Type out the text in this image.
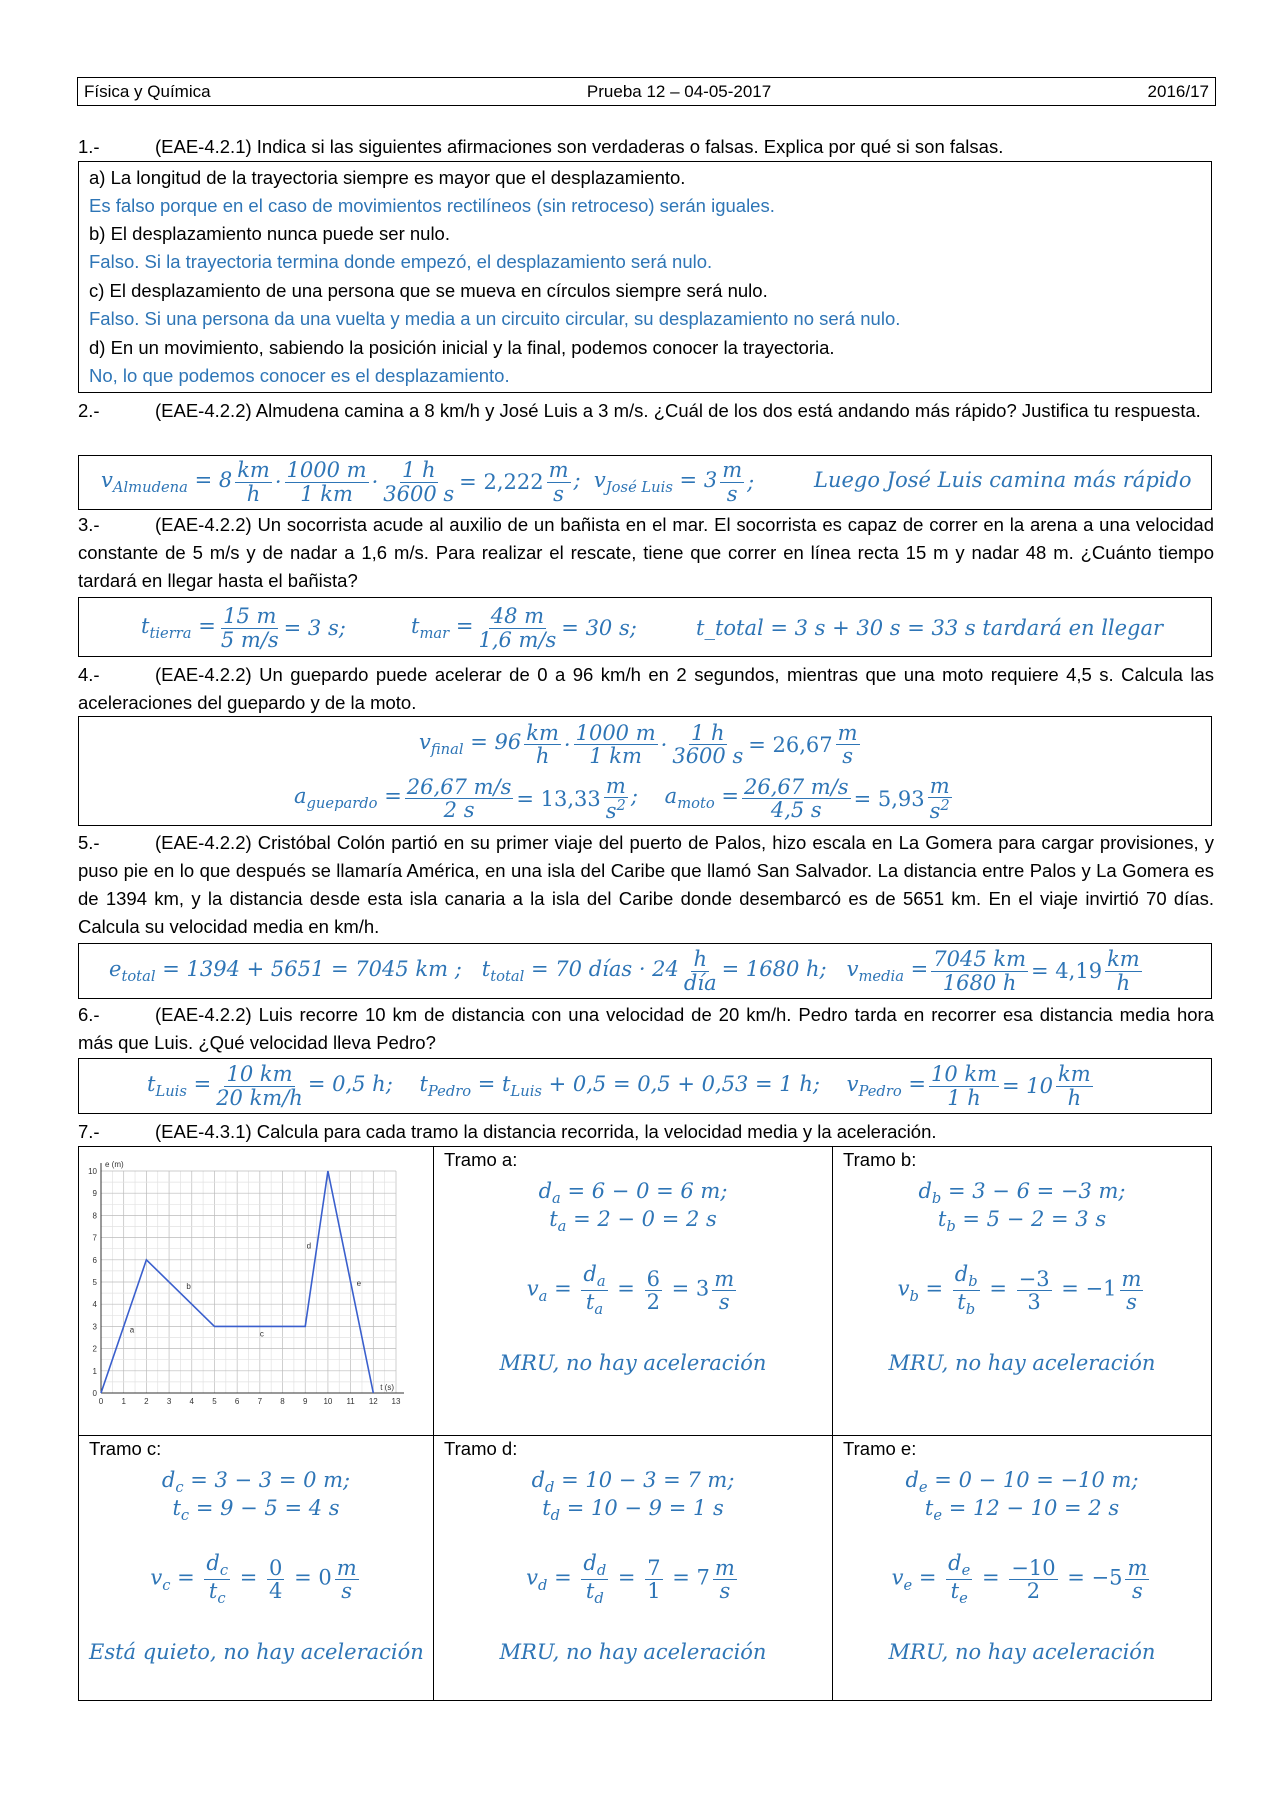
Física y Química	Prueba 12 – 04-05-2017	2016/17
1.-	(EAE-4.2.1) Indica si las siguientes afirmaciones son verdaderas o falsas. Explica por qué si son falsas.
a) La longitud de la trayectoria siempre es mayor que el desplazamiento.
Es falso porque en el caso de movimientos rectilíneos (sin retroceso) serán iguales.
b) El desplazamiento nunca puede ser nulo.
Falso. Si la trayectoria termina donde empezó, el desplazamiento será nulo.
c) El desplazamiento de una persona que se mueva en círculos siempre será nulo.
Falso. Si una persona da una vuelta y media a un circuito circular, su desplazamiento no será nulo.
d) En un movimiento, sabiendo la posición inicial y la final, podemos conocer la trayectoria.
No, lo que podemos conocer es el desplazamiento.
2.-	(EAE-4.2.2) Almudena camina a 8 km/h y José Luis a 3 m/s. ¿Cuál de los dos está andando más rápido? Justifica tu respuesta.
$v_{Almudena} = 8 \frac{km}{h} \cdot \frac{1000 m}{1 km} \cdot \frac{1 h}{3600 s} = 2,222 \frac{m}{s}$ ;  $v_{José Luis} = 3 \frac{m}{s}$ ;	Luego José Luis camina más rápido
3.-	(EAE-4.2.2) Un socorrista acude al auxilio de un bañista en el mar. El socorrista es capaz de correr en la arena a una velocidad constante de 5 m/s y de nadar a 1,6 m/s. Para realizar el rescate, tiene que correr en línea recta 15 m y nadar 48 m. ¿Cuánto tiempo tardará en llegar hasta el bañista?
$t_{tierra} = \frac{15 m}{5 m/s} = 3$ s;	$t_{mar} = \frac{48 m}{1,6 m/s} = 30$ s;	t_total = 3 s + 30 s = 33 s tardará en llegar
4.-	(EAE-4.2.2) Un guepardo puede acelerar de 0 a 96 km/h en 2 segundos, mientras que una moto requiere 4,5 s. Calcula las aceleraciones del guepardo y de la moto.
$v_{final} = 96 \frac{km}{h} \cdot \frac{1000 m}{1 km} \cdot \frac{1 h}{3600 s} = 26,67 \frac{m}{s}$
$a_{guepardo} = \frac{26,67 m/s}{2 s} = 13,33 \frac{m}{s^2}$ ;    $a_{moto} = \frac{26,67 m/s}{4,5 s} = 5,93 \frac{m}{s^2}$
5.-	(EAE-4.2.2) Cristóbal Colón partió en su primer viaje del puerto de Palos, hizo escala en La Gomera para cargar provisiones, y puso pie en lo que después se llamaría América, en una isla del Caribe que llamó San Salvador. La distancia entre Palos y La Gomera es de 1394 km, y la distancia desde esta isla canaria a la isla del Caribe donde desembarcó es de 5651 km. En el viaje invirtió 70 días. Calcula su velocidad media en km/h.
$e_{total} = 1394 + 5651 = 7045$ km ;   $t_{total} = 70$ días · $24 \frac{h}{\text{día}} = 1680$ h;   $v_{media} = \frac{7045 km}{1680 h} = 4,19 \frac{km}{h}$
6.-	(EAE-4.2.2) Luis recorre 10 km de distancia con una velocidad de 20 km/h. Pedro tarda en recorrer esa distancia media hora más que Luis. ¿Qué velocidad lleva Pedro?
$t_{Luis} = \frac{10 km}{20 km/h} = 0,5$ h;    $t_{Pedro} = t_{Luis} + 0,5 = 0,5 + 0,53 = 1$ h;    $v_{Pedro} = \frac{10 km}{1 h} = 10 \frac{km}{h}$
7.-	(EAE-4.3.1) Calcula para cada tramo la distancia recorrida, la velocidad media y la aceleración.
0 1 2 3 4 5 6 7 8 9 10 11 12 13
0
1
2
3
4
5
6
7
8
9
10
e (m)
t (s)
a
b
c
d
e
Tramo a:
$d_a = 6 - 0 = 6$ m;
$t_a = 2 - 0 = 2$ s
$v_a = \frac{d_a}{t_a} = \frac{6}{2} = 3 \frac{m}{s}$
MRU, no hay aceleración
Tramo b:
$d_b = 3 - 6 = -3$ m;
$t_b = 5 - 2 = 3$ s
$v_b = \frac{d_b}{t_b} = \frac{-3}{3} = -1 \frac{m}{s}$
MRU, no hay aceleración
Tramo c:
$d_c = 3 - 3 = 0$ m;
$t_c = 9 - 5 = 4$ s
$v_c = \frac{d_c}{t_c} = \frac{0}{4} = 0 \frac{m}{s}$
Está quieto, no hay aceleración
Tramo d:
$d_d = 10 - 3 = 7$ m;
$t_d = 10 - 9 = 1$ s
$v_d = \frac{d_d}{t_d} = \frac{7}{1} = 7 \frac{m}{s}$
MRU, no hay aceleración
Tramo e:
$d_e = 0 - 10 = -10$ m;
$t_e = 12 - 10 = 2$ s
$v_e = \frac{d_e}{t_e} = \frac{-10}{2} = -5 \frac{m}{s}$
MRU, no hay aceleración
